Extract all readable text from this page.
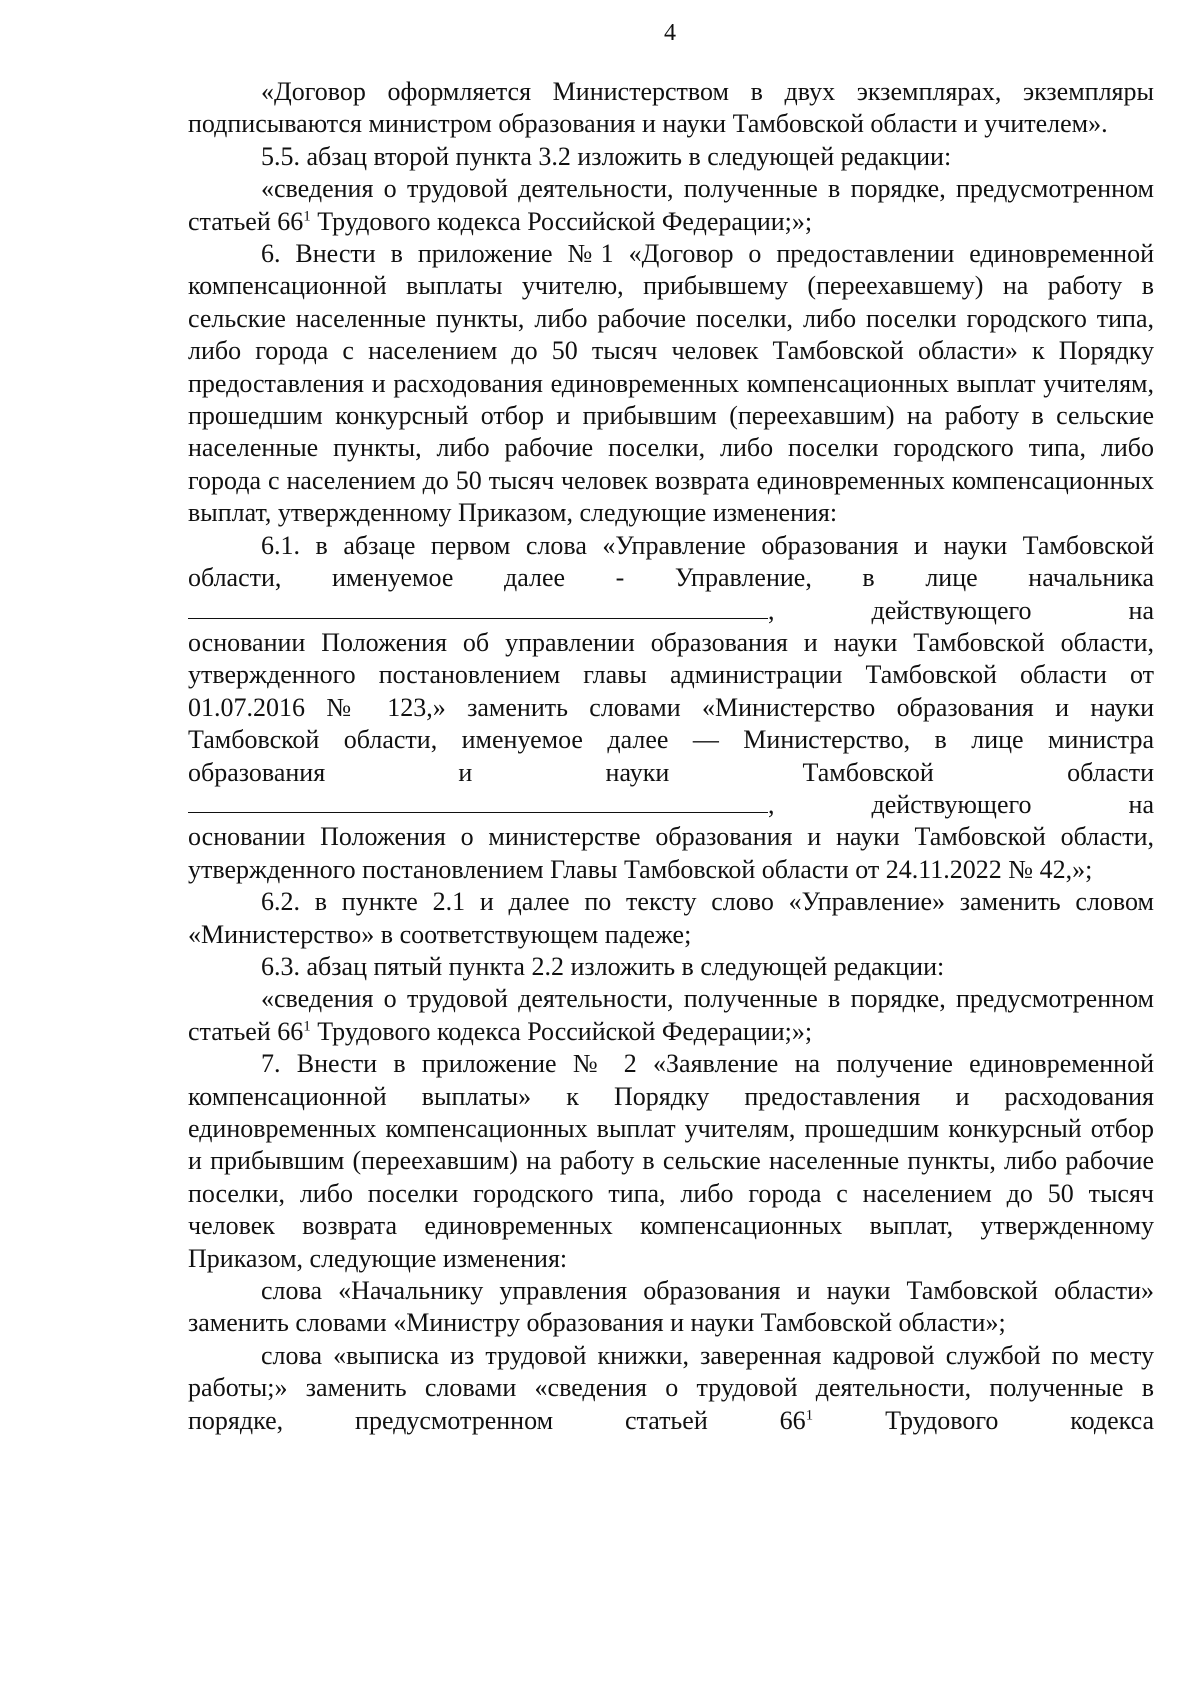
4

«Договор оформляется Министерством в двух экземплярах, экземпляры подписываются министром образования и науки Тамбовской области и учителем».

5.5. абзац второй пункта 3.2 изложить в следующей редакции:

«сведения о трудовой деятельности, полученные в порядке, предусмотренном статьей $66^1$ Трудового кодекса Российской Федерации;»;

6. Внести в приложение №1 «Договор о предоставлении единовременной компенсационной выплаты учителю, прибывшему (переехавшему) на работу в сельские населенные пункты, либо рабочие поселки, либо поселки городского типа, либо города с населением до 50 тысяч человек Тамбовской области» к Порядку предоставления и расходования единовременных компенсационных выплат учителям, прошедшим конкурсный отбор и прибывшим (переехавшим) на работу в сельские населенные пункты, либо рабочие поселки, либо поселки городского типа, либо города с населением до 50 тысяч человек возврата единовременных компенсационных выплат, утвержденному Приказом, следующие изменения:

6.1. в абзаце первом слова «Управление образования и науки Тамбовской области, именуемое далее - Управление, в лице начальника

, действующего на

основании Положения об управлении образования и науки Тамбовской области, утвержденного постановлением главы администрации Тамбовской области от 01.07.2016 № 123,» заменить словами «Министерство образования и науки Тамбовской области, именуемое далее — Министерство, в лице министра образования и науки Тамбовской области

, действующего на

основании Положения о министерстве образования и науки Тамбовской области, утвержденного постановлением Главы Тамбовской области от 24.11.2022 № 42,»;

6.2. в пункте 2.1 и далее по тексту слово «Управление» заменить словом «Министерство» в соответствующем падеже;

6.3. абзац пятый пункта 2.2 изложить в следующей редакции:

«сведения о трудовой деятельности, полученные в порядке, предусмотренном статьей $66^1$ Трудового кодекса Российской Федерации;»;

7. Внести в приложение № 2 «Заявление на получение единовременной компенсационной выплаты» к Порядку предоставления и расходования единовременных компенсационных выплат учителям, прошедшим конкурсный отбор и прибывшим (переехавшим) на работу в сельские населенные пункты, либо рабочие поселки, либо поселки городского типа, либо города с населением до 50 тысяч человек возврата единовременных компенсационных выплат, утвержденному Приказом, следующие изменения:

слова «Начальнику управления образования и науки Тамбовской области» заменить словами «Министру образования и науки Тамбовской области»;

слова «выписка из трудовой книжки, заверенная кадровой службой по месту работы;» заменить словами «сведения о трудовой деятельности, полученные в порядке, предусмотренном статьей $66^1$ Трудового кодекса
